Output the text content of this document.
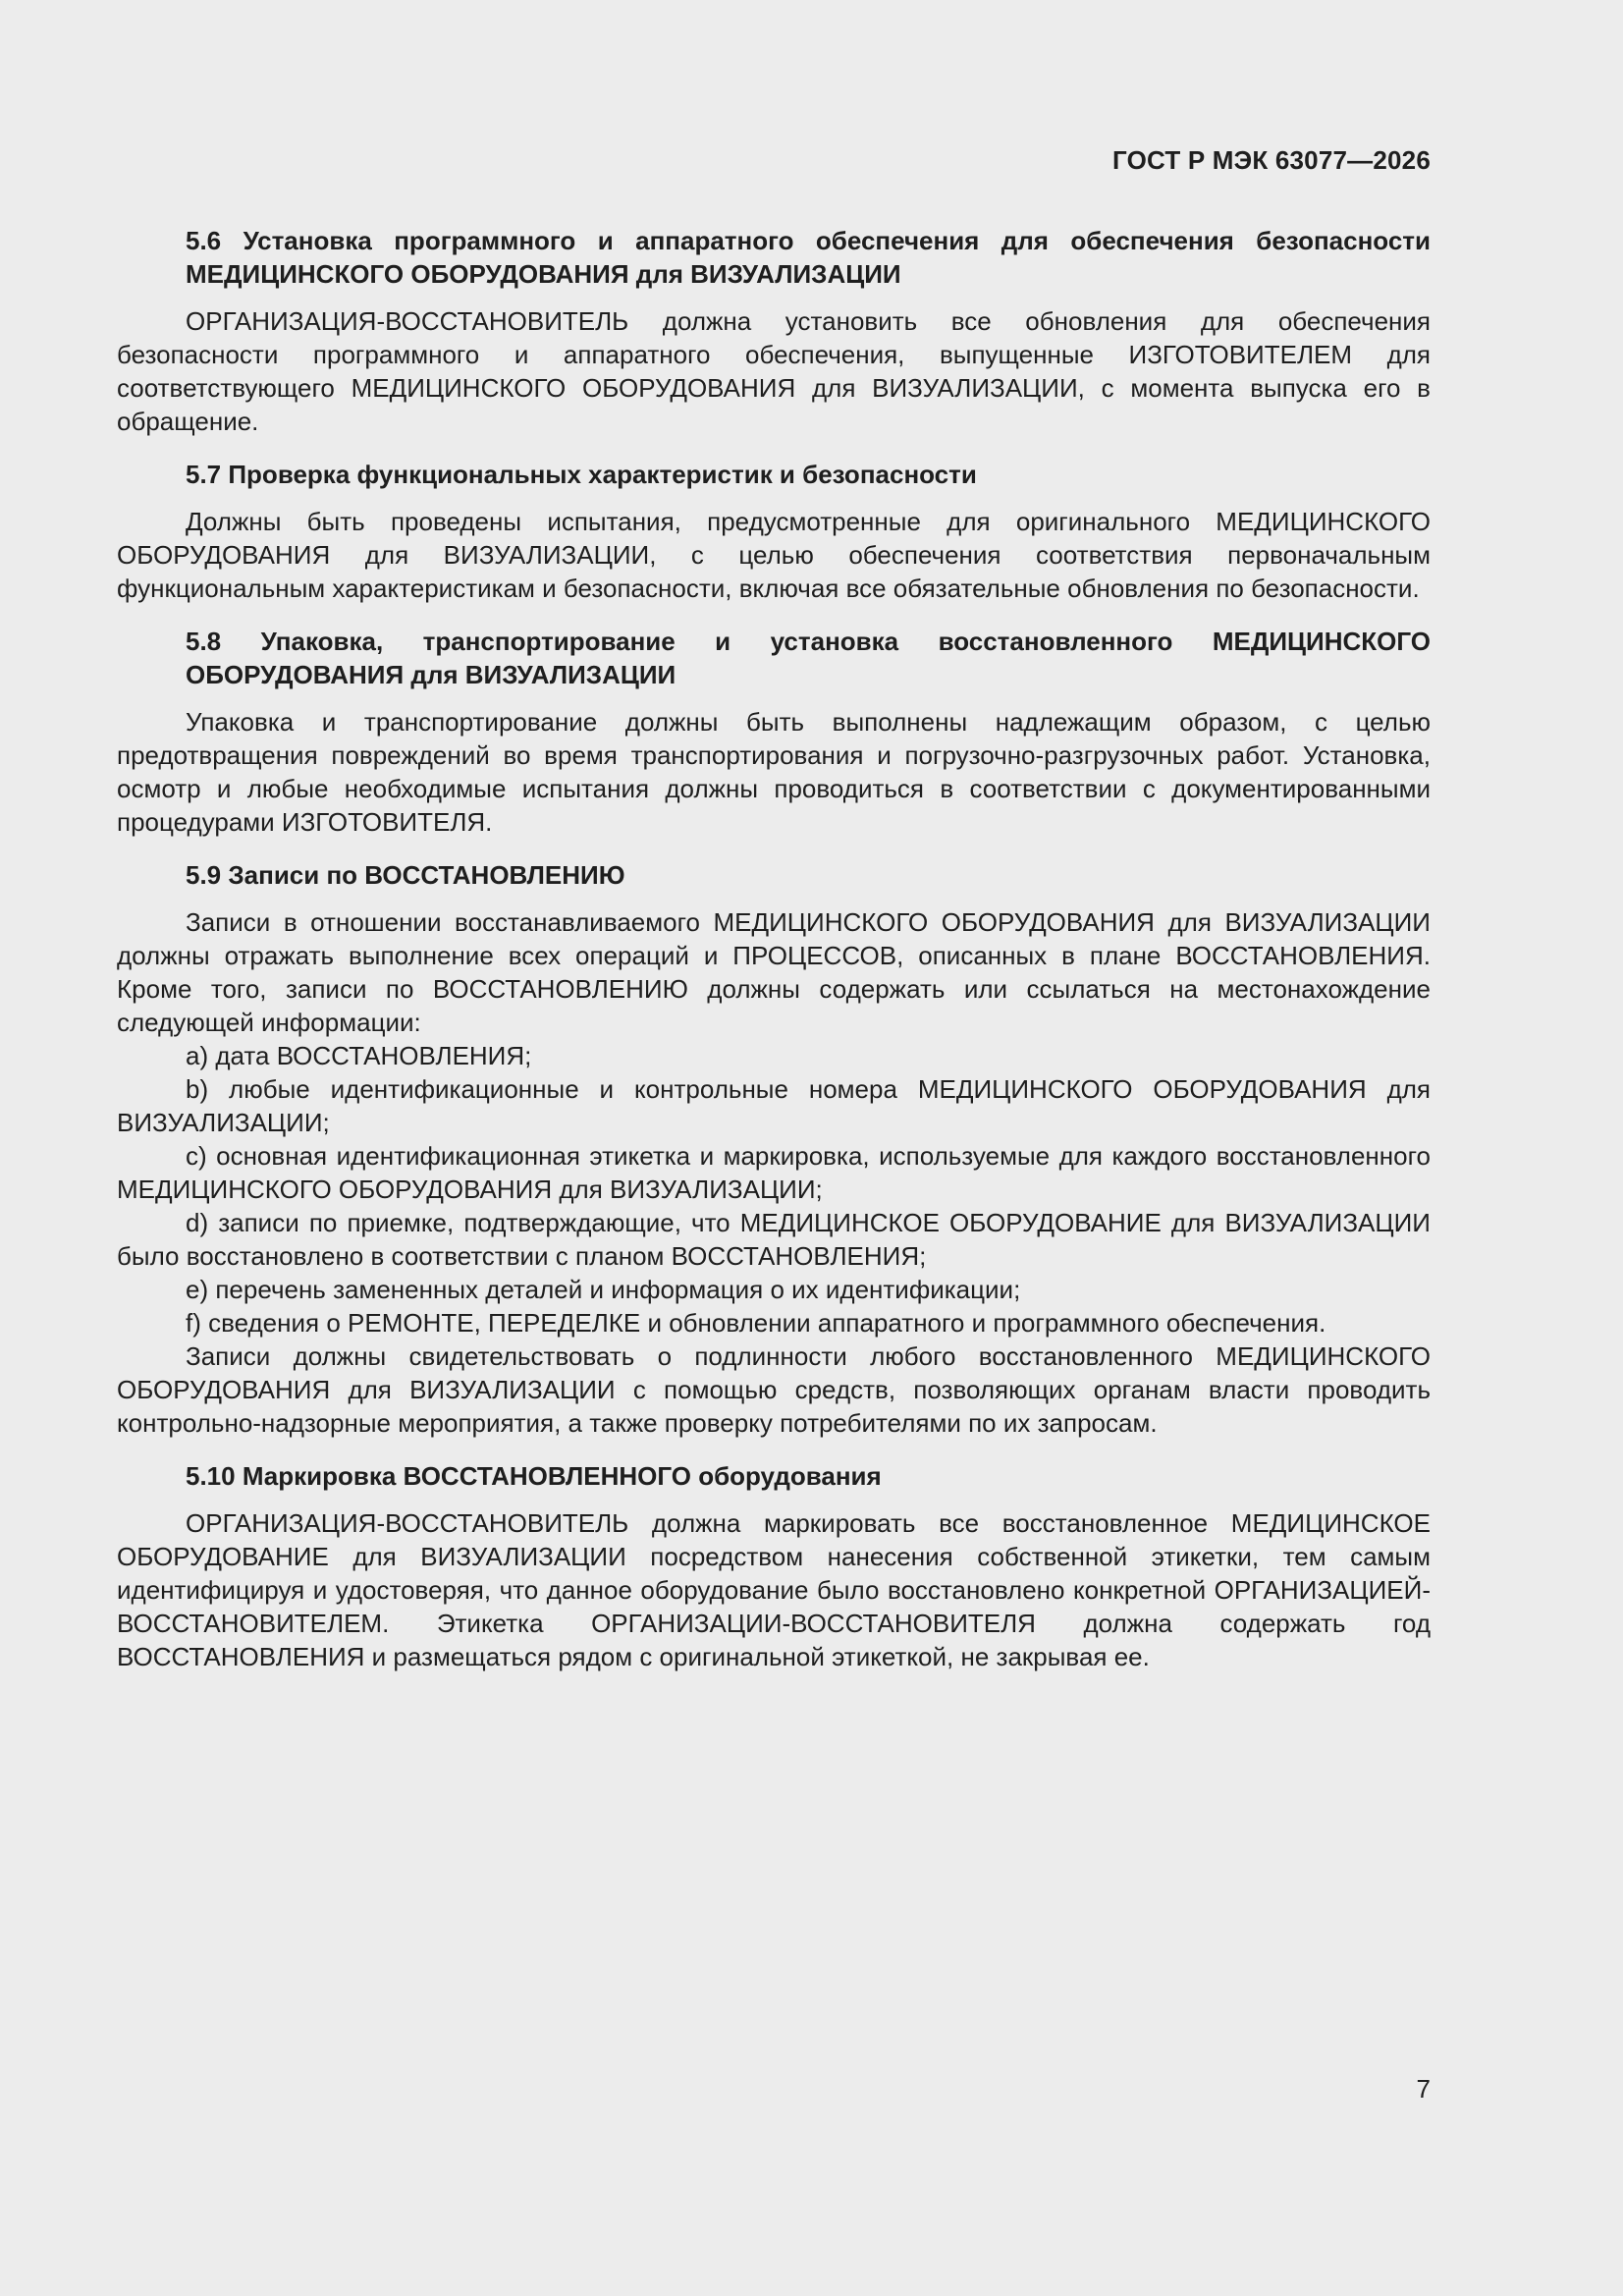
ГОСТ Р МЭК 63077—2026

5.6 Установка программного и аппаратного обеспечения для обеспечения безопасности МЕДИЦИНСКОГО ОБОРУДОВАНИЯ для ВИЗУАЛИЗАЦИИ

ОРГАНИЗАЦИЯ-ВОССТАНОВИТЕЛЬ должна установить все обновления для обеспечения безопасности программного и аппаратного обеспечения, выпущенные ИЗГОТОВИТЕЛЕМ для соответствующего МЕДИЦИНСКОГО ОБОРУДОВАНИЯ для ВИЗУАЛИЗАЦИИ, с момента выпуска его в обращение.

5.7 Проверка функциональных характеристик и безопасности

Должны быть проведены испытания, предусмотренные для оригинального МЕДИЦИНСКОГО ОБОРУДОВАНИЯ для ВИЗУАЛИЗАЦИИ, с целью обеспечения соответствия первоначальным функциональным характеристикам и безопасности, включая все обязательные обновления по безопасности.

5.8 Упаковка, транспортирование и установка восстановленного МЕДИЦИНСКОГО ОБОРУДОВАНИЯ для ВИЗУАЛИЗАЦИИ

Упаковка и транспортирование должны быть выполнены надлежащим образом, с целью предотвращения повреждений во время транспортирования и погрузочно-разгрузочных работ. Установка, осмотр и любые необходимые испытания должны проводиться в соответствии с документированными процедурами ИЗГОТОВИТЕЛЯ.

5.9 Записи по ВОССТАНОВЛЕНИЮ

Записи в отношении восстанавливаемого МЕДИЦИНСКОГО ОБОРУДОВАНИЯ для ВИЗУАЛИЗАЦИИ должны отражать выполнение всех операций и ПРОЦЕССОВ, описанных в плане ВОССТАНОВЛЕНИЯ. Кроме того, записи по ВОССТАНОВЛЕНИЮ должны содержать или ссылаться на местонахождение следующей информации:

a) дата ВОССТАНОВЛЕНИЯ;

b) любые идентификационные и контрольные номера МЕДИЦИНСКОГО ОБОРУДОВАНИЯ для ВИЗУАЛИЗАЦИИ;

c) основная идентификационная этикетка и маркировка, используемые для каждого восстановленного МЕДИЦИНСКОГО ОБОРУДОВАНИЯ для ВИЗУАЛИЗАЦИИ;

d) записи по приемке, подтверждающие, что МЕДИЦИНСКОЕ ОБОРУДОВАНИЕ для ВИЗУАЛИЗАЦИИ было восстановлено в соответствии с планом ВОССТАНОВЛЕНИЯ;

e) перечень замененных деталей и информация о их идентификации;

f) сведения о РЕМОНТЕ, ПЕРЕДЕЛКЕ и обновлении аппаратного и программного обеспечения.

Записи должны свидетельствовать о подлинности любого восстановленного МЕДИЦИНСКОГО ОБОРУДОВАНИЯ для ВИЗУАЛИЗАЦИИ с помощью средств, позволяющих органам власти проводить контрольно-надзорные мероприятия, а также проверку потребителями по их запросам.

5.10 Маркировка ВОССТАНОВЛЕННОГО оборудования

ОРГАНИЗАЦИЯ-ВОССТАНОВИТЕЛЬ должна маркировать все восстановленное МЕДИЦИНСКОЕ ОБОРУДОВАНИЕ для ВИЗУАЛИЗАЦИИ посредством нанесения собственной этикетки, тем самым идентифицируя и удостоверяя, что данное оборудование было восстановлено конкретной ОРГАНИЗАЦИЕЙ-ВОССТАНОВИТЕЛЕМ. Этикетка ОРГАНИЗАЦИИ-ВОССТАНОВИТЕЛЯ должна содержать год ВОССТАНОВЛЕНИЯ и размещаться рядом с оригинальной этикеткой, не закрывая ее.

7
